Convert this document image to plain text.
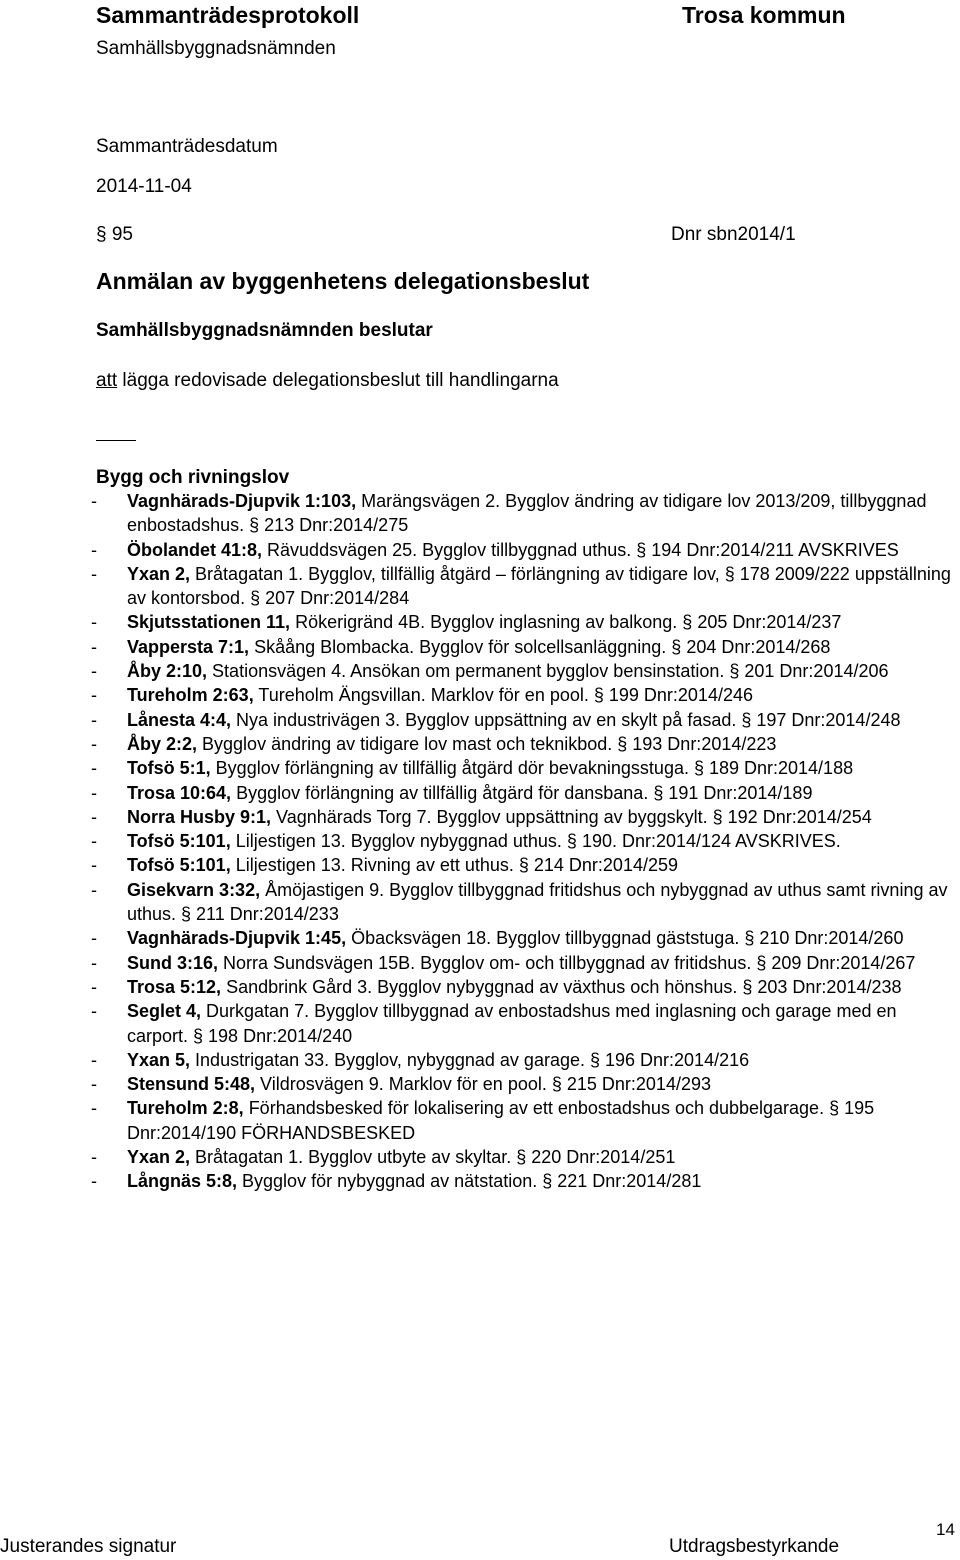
Sammanträdesprotokoll	Trosa kommun
Samhällsbyggnadsnämnden
Sammanträdesdatum
2014-11-04
§ 95	Dnr sbn2014/1
Anmälan av byggenhetens delegationsbeslut
Samhällsbyggnadsnämnden beslutar
att lägga redovisade delegationsbeslut till handlingarna
Bygg och rivningslov
-	Vagnhärads-Djupvik 1:103, Marängsvägen 2. Bygglov ändring av tidigare lov 2013/209, tillbyggnad enbostadshus. § 213 Dnr:2014/275
-	Öbolandet 41:8, Rävuddsvägen 25. Bygglov tillbyggnad uthus. § 194 Dnr:2014/211 AVSKRIVES
-	Yxan 2, Bråtagatan 1. Bygglov, tillfällig åtgärd – förlängning av tidigare lov, § 178 2009/222 uppställning av kontorsbod. § 207 Dnr:2014/284
-	Skjutsstationen 11, Rökerigränd 4B. Bygglov inglasning av balkong. § 205 Dnr:2014/237
-	Vappersta 7:1, Skåång Blombacka. Bygglov för solcellsanläggning. § 204 Dnr:2014/268
-	Åby 2:10, Stationsvägen 4. Ansökan om permanent bygglov bensinstation. § 201 Dnr:2014/206
-	Tureholm 2:63, Tureholm Ängsvillan. Marklov för en pool. § 199 Dnr:2014/246
-	Lånesta 4:4, Nya industrivägen 3. Bygglov uppsättning av en skylt på fasad. § 197 Dnr:2014/248
-	Åby 2:2, Bygglov ändring av tidigare lov mast och teknikbod. § 193 Dnr:2014/223
-	Tofsö 5:1, Bygglov förlängning av tillfällig åtgärd dör bevakningsstuga. § 189 Dnr:2014/188
-	Trosa 10:64, Bygglov förlängning av tillfällig åtgärd för dansbana. § 191 Dnr:2014/189
-	Norra Husby 9:1, Vagnhärads Torg 7. Bygglov uppsättning av byggskylt. § 192 Dnr:2014/254
-	Tofsö 5:101, Liljestigen 13. Bygglov nybyggnad uthus. § 190. Dnr:2014/124 AVSKRIVES.
-	Tofsö 5:101, Liljestigen 13. Rivning av ett uthus. § 214 Dnr:2014/259
-	Gisekvarn 3:32, Åmöjastigen 9. Bygglov tillbyggnad fritidshus och nybyggnad av uthus samt rivning av uthus. § 211 Dnr:2014/233
-	Vagnhärads-Djupvik 1:45, Öbacksvägen 18. Bygglov tillbyggnad gäststuga. § 210 Dnr:2014/260
-	Sund 3:16, Norra Sundsvägen 15B. Bygglov om- och tillbyggnad av fritidshus. § 209 Dnr:2014/267
-	Trosa 5:12, Sandbrink Gård 3. Bygglov nybyggnad av växthus och hönshus. § 203 Dnr:2014/238
-	Seglet 4, Durkgatan 7. Bygglov tillbyggnad av enbostadshus med inglasning och garage med en carport. § 198 Dnr:2014/240
-	Yxan 5, Industrigatan 33. Bygglov, nybyggnad av garage. § 196 Dnr:2014/216
-	Stensund 5:48, Vildrosvägen 9. Marklov för en pool. § 215 Dnr:2014/293
-	Tureholm 2:8, Förhandsbesked för lokalisering av ett enbostadshus och dubbelgarage. § 195 Dnr:2014/190 FÖRHANDSBESKED
-	Yxan 2, Bråtagatan 1. Bygglov utbyte av skyltar. § 220 Dnr:2014/251
-	Långnäs 5:8, Bygglov för nybyggnad av nätstation. § 221 Dnr:2014/281
Justerandes signatur	Utdragsbestyrkande
14
